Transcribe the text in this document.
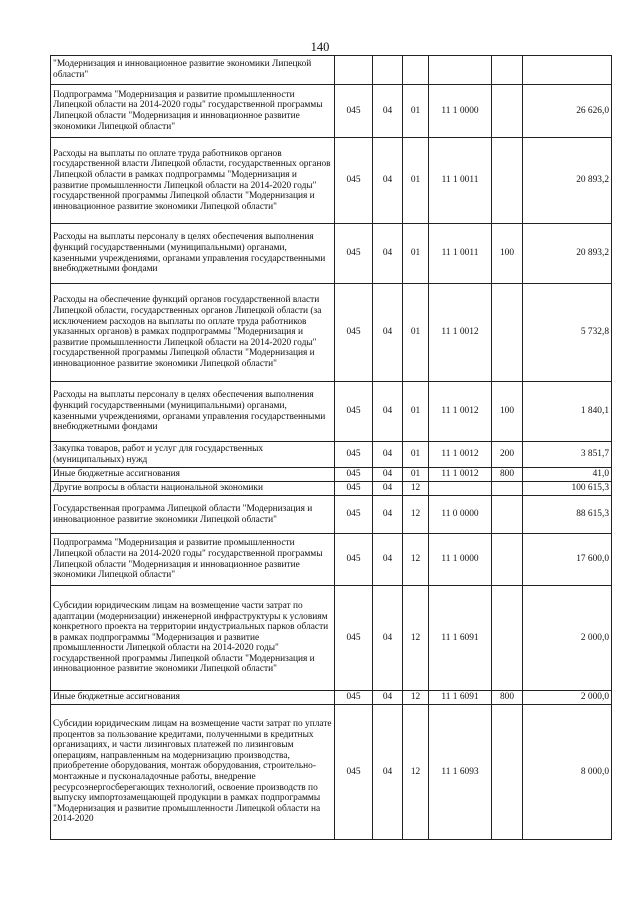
140
"Модернизация и инновационное развитие экономики Липецкой области"						
Подпрограмма "Модернизация и развитие промышленности Липецкой области на 2014-2020 годы" государственной программы Липецкой области "Модернизация и инновационное развитие экономики Липецкой области"	045	04	01	11 1 0000		26 626,0
Расходы на выплаты по оплате труда работников органов государственной власти Липецкой области, государственных органов Липецкой области в рамках подпрограммы "Модернизация и развитие промышленности Липецкой области на 2014-2020 годы" государственной программы Липецкой области "Модернизация и инновационное развитие экономики Липецкой области"	045	04	01	11 1 0011		20 893,2
Расходы на выплаты персоналу в целях обеспечения выполнения функций государственными (муниципальными) органами, казенными учреждениями, органами управления государственными внебюджетными фондами	045	04	01	11 1 0011	100	20 893,2
Расходы на обеспечение функций органов государственной власти Липецкой области, государственных органов Липецкой области (за исключением расходов на выплаты по оплате труда работников указанных органов) в рамках подпрограммы "Модернизация и развитие промышленности Липецкой области на 2014-2020 годы" государственной программы Липецкой области "Модернизация и инновационное развитие экономики Липецкой области"	045	04	01	11 1 0012		5 732,8
Расходы на выплаты персоналу в целях обеспечения выполнения функций государственными (муниципальными) органами, казенными учреждениями, органами управления государственными внебюджетными фондами	045	04	01	11 1 0012	100	1 840,1
Закупка товаров, работ и услуг для государственных (муниципальных) нужд	045	04	01	11 1 0012	200	3 851,7
Иные бюджетные ассигнования	045	04	01	11 1 0012	800	41,0
Другие вопросы в области национальной экономики	045	04	12			100 615,3
Государственная программа Липецкой области "Модернизация и инновационное развитие экономики Липецкой области"	045	04	12	11 0 0000		88 615,3
Подпрограмма "Модернизация и развитие промышленности Липецкой области на 2014-2020 годы" государственной программы Липецкой области "Модернизация и инновационное развитие экономики Липецкой области"	045	04	12	11 1 0000		17 600,0
Субсидии юридическим лицам на возмещение части затрат по адаптации (модернизации) инженерной инфраструктуры к условиям конкретного проекта на территории индустриальных парков области в рамках подпрограммы "Модернизация и развитие промышленности Липецкой области на 2014-2020 годы" государственной программы Липецкой области "Модернизация и инновационное развитие экономики Липецкой области"	045	04	12	11 1 6091		2 000,0
Иные бюджетные ассигнования	045	04	12	11 1 6091	800	2 000,0
Субсидии юридическим лицам на возмещение части затрат по уплате процентов за пользование кредитами, полученными в кредитных организациях, и части лизинговых платежей по лизинговым операциям, направленным на модернизацию производства, приобретение оборудования, монтаж оборудования, строительно-монтажные и пусконаладочные работы, внедрение ресурсоэнергосберегающих технологий, освоение производств по выпуску импортозамещающей продукции в рамках подпрограммы "Модернизация и развитие промышленности Липецкой области на 2014-2020	045	04	12	11 1 6093		8 000,0
